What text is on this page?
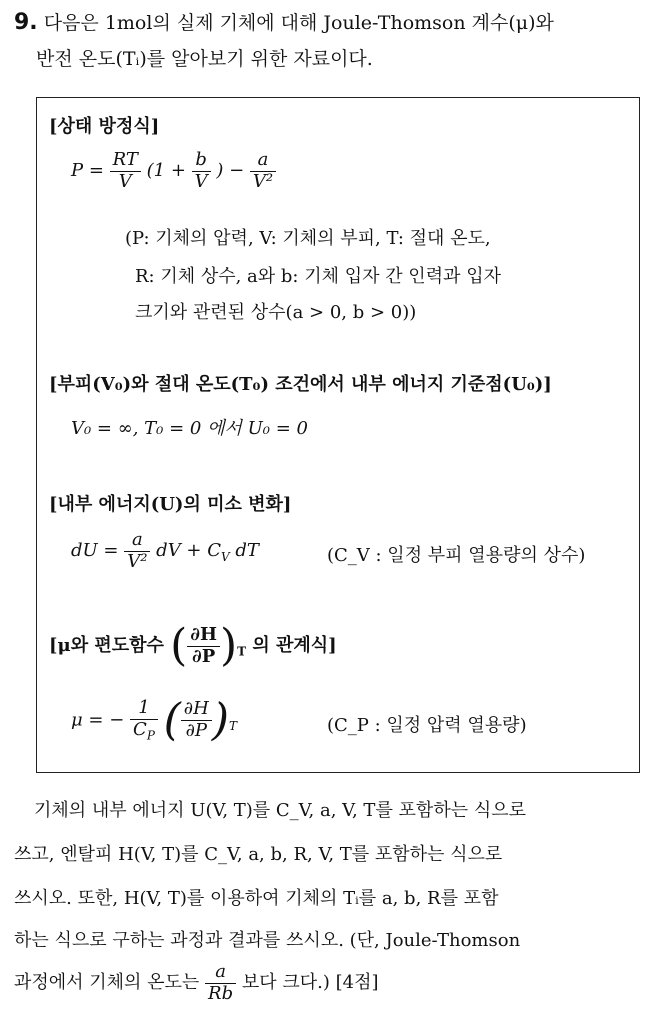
9. 다음은 1mol의 실제 기체에 대해 Joule-Thomson 계수(μ)와
반전 온도(Tᵢ)를 알아보기 위한 자료이다.
[상태 방정식]
$P = \frac{RT}{V} (1 + \frac{b}{V}$ ) − $\frac{a}{\text{V²}}$
(P: 기체의 압력, V: 기체의 부피, T: 절대 온도,
R: 기체 상수, a와 b: 기체 입자 간 인력과 입자
크기와 관련된 상수(a > 0, b > 0))
[부피(V₀)와 절대 온도(T₀) 조건에서 내부 에너지 기준점(U₀)]
V₀ = ∞, T₀ = 0 에서 U₀ = 0
[내부 에너지(U)의 미소 변화]
dU = $\frac{a}{\text{V²}}$ dV + $C_V$ dT	(C_V : 일정 부피 열용량의 상수)
[μ와 편도함수 ( $\frac{\partial H}{\partial P} )_T$ 의 관계식]
μ = − $\frac{1}{C_P}$ ( $\frac{\partial H}{\partial P} )_T$	(C_P : 일정 압력 열용량)
기체의 내부 에너지 U(V, T)를 C_V, a, V, T를 포함하는 식으로
쓰고, 엔탈피 H(V, T)를 C_V, a, b, R, V, T를 포함하는 식으로
쓰시오. 또한, H(V, T)를 이용하여 기체의 Tᵢ를 a, b, R를 포함
하는 식으로 구하는 과정과 결과를 쓰시오. (단, Joule-Thomson
과정에서 기체의 온도는 $\frac{a}{Rb}$ 보다 크다.) [4점]
